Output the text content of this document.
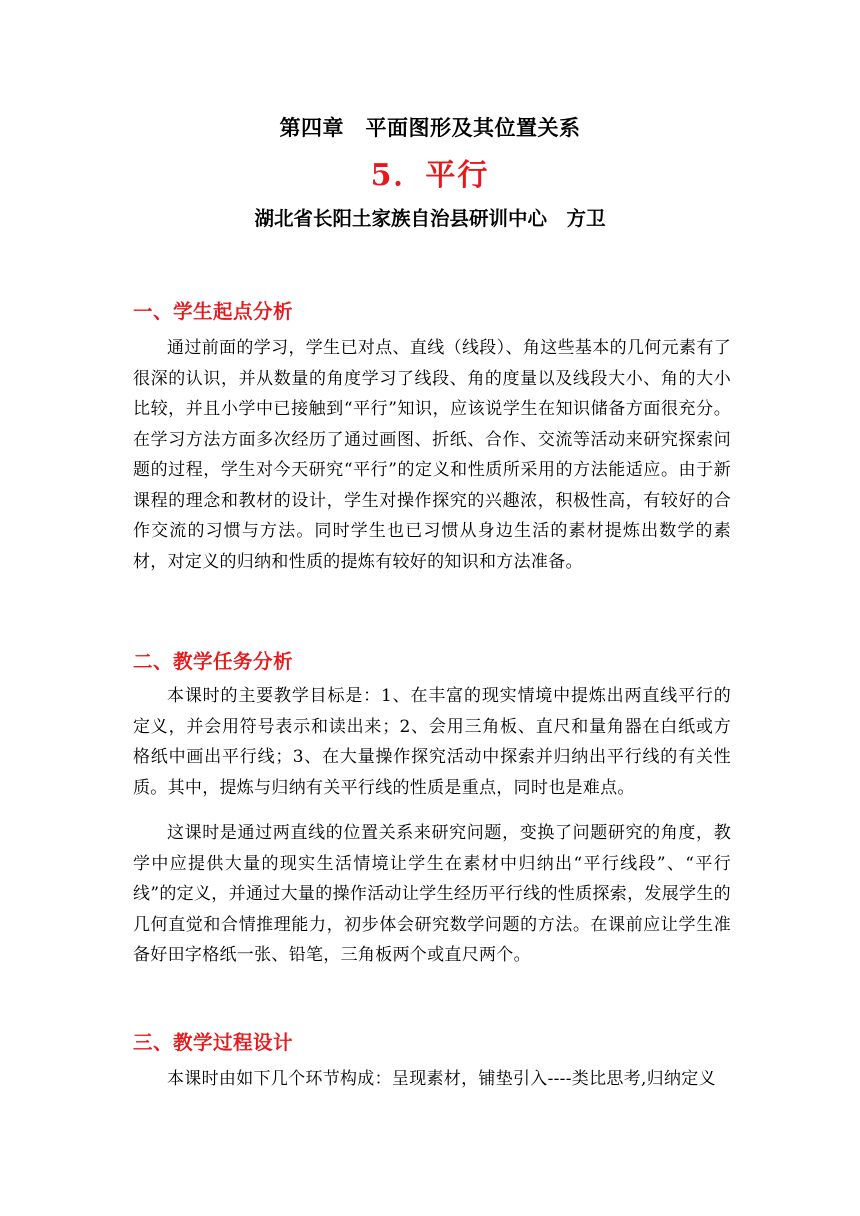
第四章　平面图形及其位置关系
5．平行
湖北省长阳土家族自治县研训中心　方卫
一、学生起点分析
通过前面的学习，学生已对点、直线（线段）、角这些基本的几何元素有了很深的认识，并从数量的角度学习了线段、角的度量以及线段大小、角的大小比较，并且小学中已接触到“平行”知识，应该说学生在知识储备方面很充分。在学习方法方面多次经历了通过画图、折纸、合作、交流等活动来研究探索问题的过程，学生对今天研究“平行”的定义和性质所采用的方法能适应。由于新课程的理念和教材的设计，学生对操作探究的兴趣浓，积极性高，有较好的合作交流的习惯与方法。同时学生也已习惯从身边生活的素材提炼出数学的素材，对定义的归纳和性质的提炼有较好的知识和方法准备。
二、教学任务分析
本课时的主要教学目标是：1、在丰富的现实情境中提炼出两直线平行的定义，并会用符号表示和读出来；2、会用三角板、直尺和量角器在白纸或方格纸中画出平行线；3、在大量操作探究活动中探索并归纳出平行线的有关性质。其中，提炼与归纳有关平行线的性质是重点，同时也是难点。
这课时是通过两直线的位置关系来研究问题，变换了问题研究的角度，教学中应提供大量的现实生活情境让学生在素材中归纳出“平行线段”、“平行线”的定义，并通过大量的操作活动让学生经历平行线的性质探索，发展学生的几何直觉和合情推理能力，初步体会研究数学问题的方法。在课前应让学生准备好田字格纸一张、铅笔，三角板两个或直尺两个。
三、教学过程设计
本课时由如下几个环节构成：呈现素材，铺垫引入----类比思考,归纳定义
